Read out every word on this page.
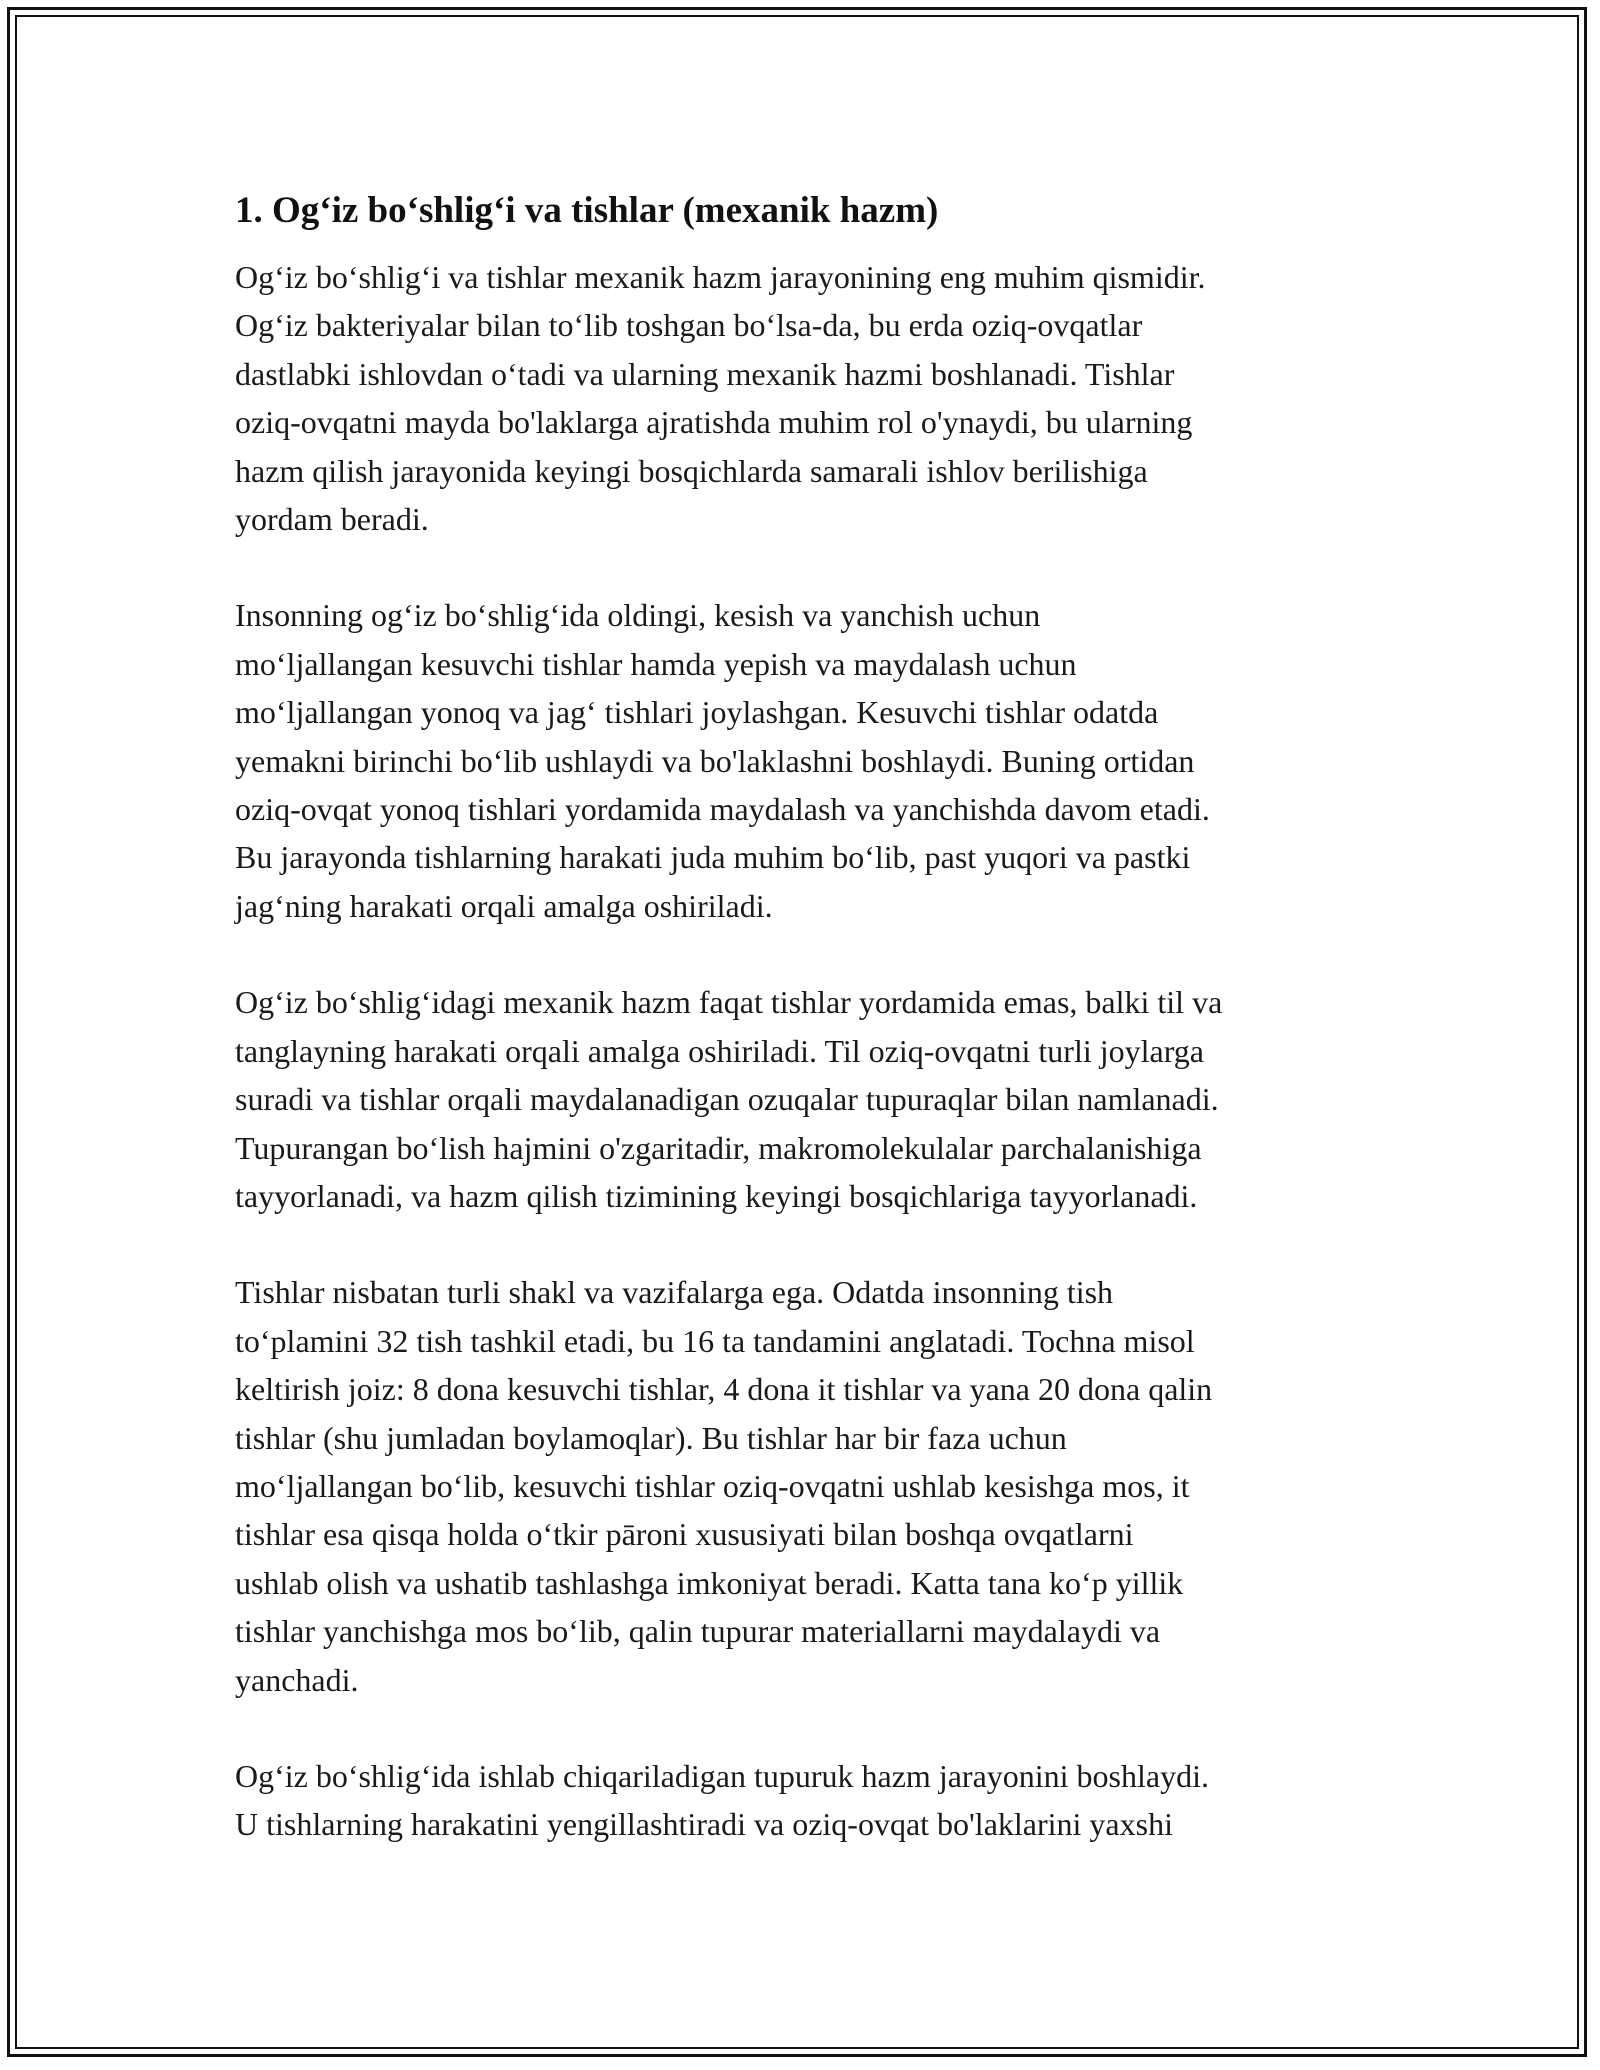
1. Og‘iz bo‘shlig‘i va tishlar (mexanik hazm)

Og‘iz bo‘shlig‘i va tishlar mexanik hazm jarayonining eng muhim qismidir.
Og‘iz bakteriyalar bilan to‘lib toshgan bo‘lsa-da, bu erda oziq-ovqatlar
dastlabki ishlovdan o‘tadi va ularning mexanik hazmi boshlanadi. Tishlar
oziq-ovqatni mayda bo'laklarga ajratishda muhim rol o'ynaydi, bu ularning
hazm qilish jarayonida keyingi bosqichlarda samarali ishlov berilishiga
yordam beradi.

Insonning og‘iz bo‘shlig‘ida oldingi, kesish va yanchish uchun
mo‘ljallangan kesuvchi tishlar hamda yepish va maydalash uchun
mo‘ljallangan yonoq va jag‘ tishlari joylashgan. Kesuvchi tishlar odatda
yemakni birinchi bo‘lib ushlaydi va bo'laklashni boshlaydi. Buning ortidan
oziq-ovqat yonoq tishlari yordamida maydalash va yanchishda davom etadi.
Bu jarayonda tishlarning harakati juda muhim bo‘lib, past yuqori va pastki
jag‘ning harakati orqali amalga oshiriladi.

Og‘iz bo‘shlig‘idagi mexanik hazm faqat tishlar yordamida emas, balki til va
tanglayning harakati orqali amalga oshiriladi. Til oziq-ovqatni turli joylarga
suradi va tishlar orqali maydalanadigan ozuqalar tupuraqlar bilan namlanadi.
Tupurangan bo‘lish hajmini o'zgaritadir, makromolekulalar parchalanishiga
tayyorlanadi, va hazm qilish tizimining keyingi bosqichlariga tayyorlanadi.

Tishlar nisbatan turli shakl va vazifalarga ega. Odatda insonning tish
to‘plamini 32 tish tashkil etadi, bu 16 ta tandamini anglatadi. Tochna misol
keltirish joiz: 8 dona kesuvchi tishlar, 4 dona it tishlar va yana 20 dona qalin
tishlar (shu jumladan boylamoqlar). Bu tishlar har bir faza uchun
mo‘ljallangan bo‘lib, kesuvchi tishlar oziq-ovqatni ushlab kesishga mos, it
tishlar esa qisqa holda o‘tkir pāroni xususiyati bilan boshqa ovqatlarni
ushlab olish va ushatib tashlashga imkoniyat beradi. Katta tana ko‘p yillik
tishlar yanchishga mos bo‘lib, qalin tupurar materiallarni maydalaydi va
yanchadi.

Og‘iz bo‘shlig‘ida ishlab chiqariladigan tupuruk hazm jarayonini boshlaydi.
U tishlarning harakatini yengillashtiradi va oziq-ovqat bo'laklarini yaxshi
